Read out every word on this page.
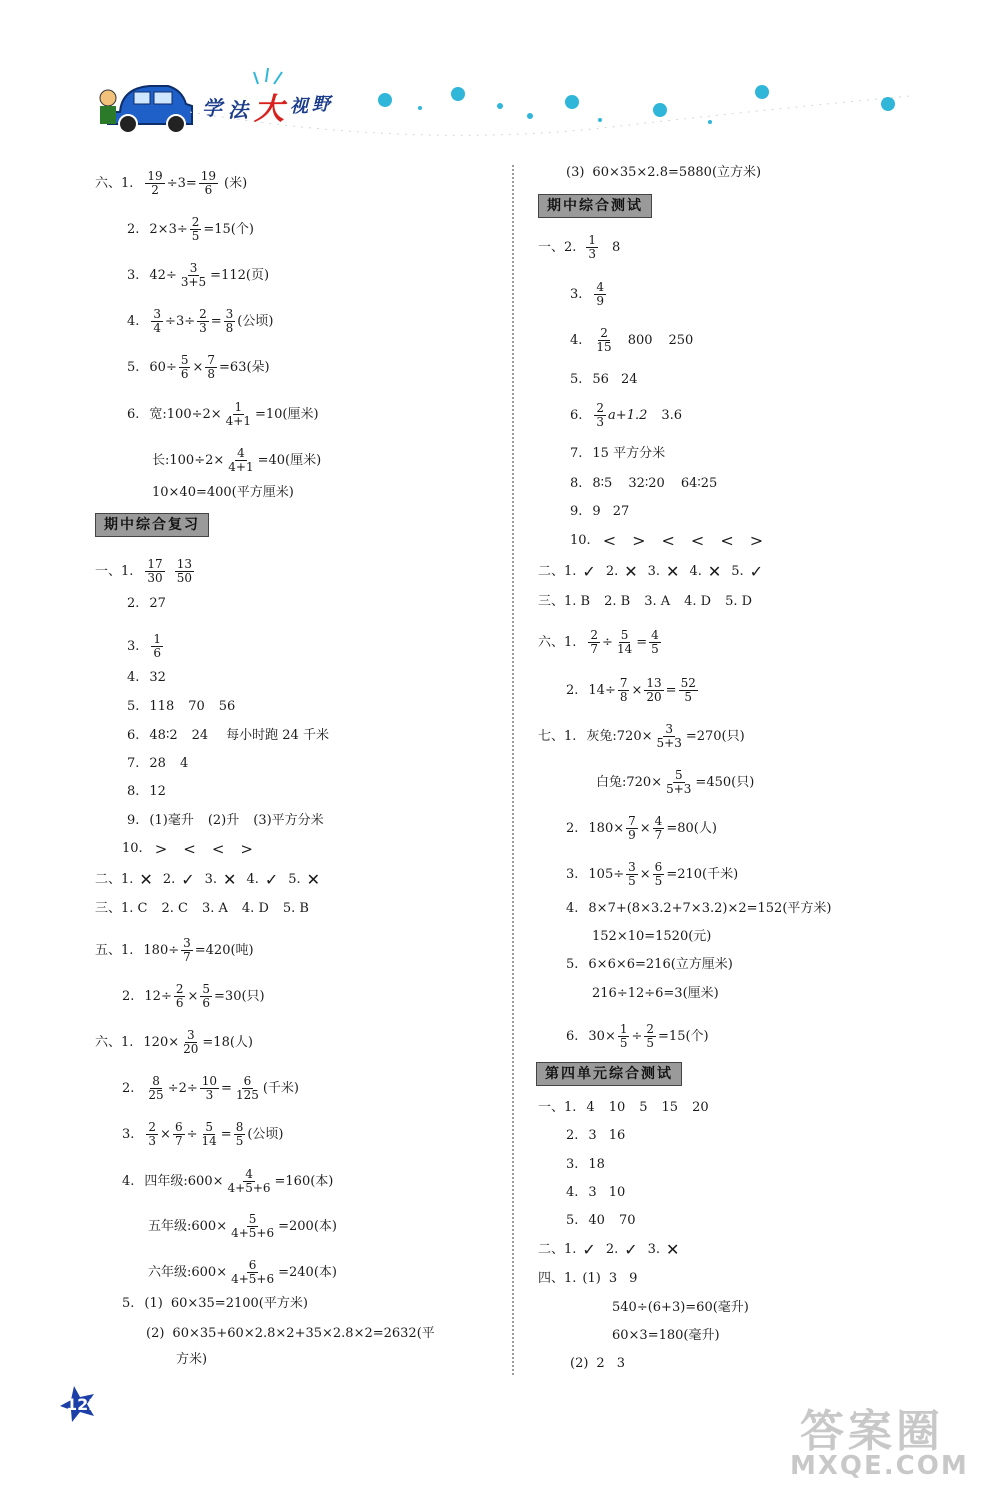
学 法 大 视 野
六、1. $\frac{19}{2} \div 3= \frac{19}{6}$ (米)
2. $2\times 3\div \frac{2}{5} =15$(个)
3. $42\div \frac{3}{3+5} =112$(页)
4. $\frac{3}{4} \div 3\div \frac{2}{3} = \frac{3}{8}$ (公顷)
5. $60\div \frac{5}{6} \times \frac{7}{8} =63$(朵)
6. 宽:100÷2× $\frac{1}{4+1} =10$(厘米)
长:100÷2× $\frac{4}{4+1} =40$(厘米)
10×40=400(平方厘米)
期中综合复习
一、1. $\frac{17}{30} \frac{13}{50}$
2. 27
3. $\frac{1}{6}$
4. 32
5. 118 70 56
6. 48∶2 24 每小时跑 24 千米
7. 28 4
8. 12
9. (1)毫升 (2)升 (3)平方分米
10. > < < >
二、1. ✕ 2. ✓ 3. ✕ 4. ✓ 5. ✕
三、1. C 2. C 3. A 4. D 5. B
五、1. $180\div \frac{3}{7} =420$(吨)
2. $12\div \frac{2}{6} \times \frac{5}{6} =30$(只)
六、1. $120\times \frac{3}{20} =18$(人)
2. $\frac{8}{25} \div 2\div \frac{10}{3} = \frac{6}{125}$ (千米)
3. $\frac{2}{3} \times \frac{6}{7} \div \frac{5}{14} = \frac{8}{5}$ (公顷)
4. 四年级:600× $\frac{4}{4+5+6} =160$(本)
五年级:600× $\frac{5}{4+5+6} =200$(本)
六年级:600× $\frac{6}{4+5+6} =240$(本)
5. (1) 60×35=2100(平方米)
(2) 60×35+60×2.8×2+35×2.8×2=2632(平
方米)
(3) 60×35×2.8=5880(立方米)
期中综合测试
一、2. $\frac{1}{3} 8$
3. $\frac{4}{9}$
4. $\frac{2}{15} 800$ 250
5. 56 24
6. $\frac{2}{3} a+1.2$ 3.6
7. 15 平方分米
8. 8∶5 32∶20 64∶25
9. 9 27
10. < > < < < >
二、1. ✓ 2. ✕ 3. ✕ 4. ✕ 5. ✓
三、1. B 2. B 3. A 4. D 5. D
六、1. $\frac{2}{7} \div \frac{5}{14} = \frac{4}{5}$
2. $14\div \frac{7}{8} \times \frac{13}{20} = \frac{52}{5}$
七、1. 灰兔:720× $\frac{3}{5+3} =270$(只)
白兔:720× $\frac{5}{5+3} =450$(只)
2. $180\times \frac{7}{9} \times \frac{4}{7} =80$(人)
3. $105\div \frac{3}{5} \times \frac{6}{5} =210$(千米)
4. 8×7+(8×3.2+7×3.2)×2=152(平方米)
152×10=1520(元)
5. 6×6×6=216(立方厘米)
216÷12÷6=3(厘米)
6. $30\times \frac{1}{5} \div \frac{2}{5} =15$(个)
第四单元综合测试
一、1. 4 10 5 15 20
2. 3 16
3. 18
4. 3 10
5. 40 70
二、1. ✓ 2. ✓ 3. ✕
四、1. (1) 3 9
540÷(6+3)=60(毫升)
60×3=180(毫升)
(2) 2 3
122
答案圈
MXQE.COM
